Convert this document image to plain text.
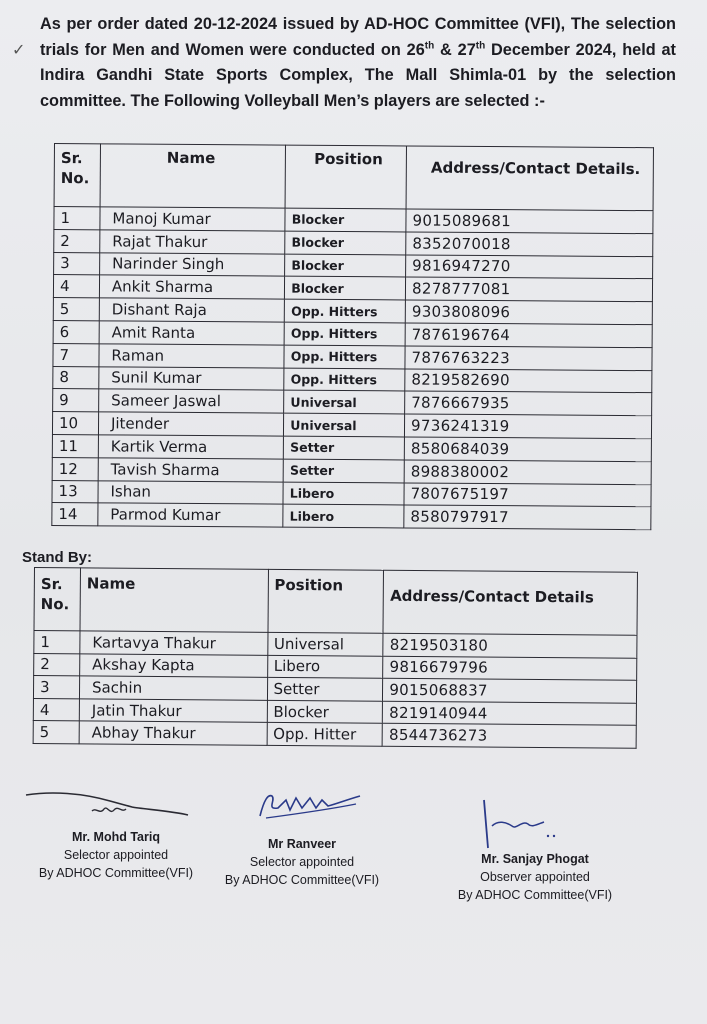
✓
As per order dated 20-12-2024 issued by AD-HOC Committee (VFI), The selection trials for Men and Women were conducted on 26th & 27th December 2024, held at Indira Gandhi State Sports Complex, The Mall Shimla-01 by the selection committee. The Following Volleyball Men’s players are selected :-
Sr. No.	Name	Position	Address/Contact Details.
1	Manoj Kumar	Blocker	9015089681
2	Rajat Thakur	Blocker	8352070018
3	Narinder Singh	Blocker	9816947270
4	Ankit Sharma	Blocker	8278777081
5	Dishant Raja	Opp. Hitters	9303808096
6	Amit Ranta	Opp. Hitters	7876196764
7	Raman	Opp. Hitters	7876763223
8	Sunil Kumar	Opp. Hitters	8219582690
9	Sameer Jaswal	Universal	7876667935
10	Jitender	Universal	9736241319
11	Kartik Verma	Setter	8580684039
12	Tavish Sharma	Setter	8988380002
13	Ishan	Libero	7807675197
14	Parmod Kumar	Libero	8580797917
Stand By:
Sr. No.	Name	Position	Address/Contact Details
1	Kartavya Thakur	Universal	8219503180
2	Akshay Kapta	Libero	9816679796
3	Sachin	Setter	9015068837
4	Jatin Thakur	Blocker	8219140944
5	Abhay Thakur	Opp. Hitter	8544736273
Mr. Mohd Tariq
Selector appointed
By ADHOC Committee(VFI)
Mr Ranveer
Selector appointed
By ADHOC Committee(VFI)
Mr. Sanjay Phogat
Observer appointed
By ADHOC Committee(VFI)
